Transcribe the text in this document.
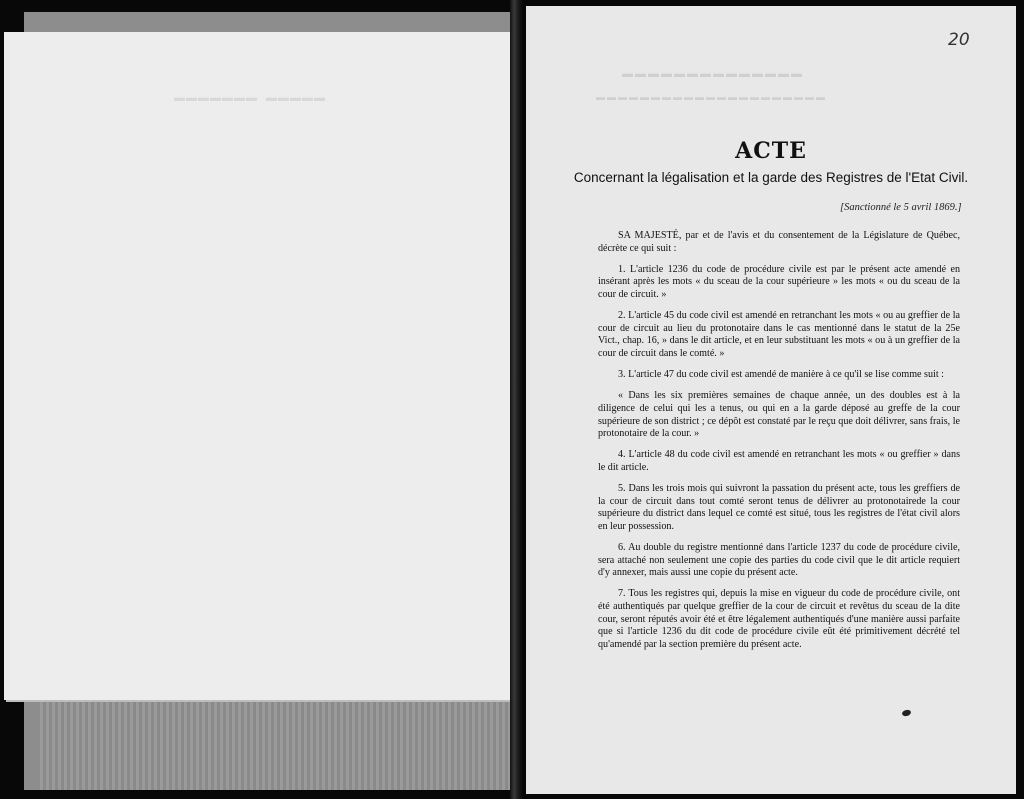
▬▬▬▬▬▬▬ ▬▬▬▬▬
▬▬▬▬▬▬▬▬▬▬▬▬▬▬
▬▬▬▬▬▬▬▬▬▬▬▬▬▬▬▬▬▬▬▬▬
20
ACTE
Concernant la légalisation et la garde des Registres de l'Etat Civil.
[Sanctionné le 5 avril 1869.]

SA MAJESTÉ, par et de l'avis et du consentement de la Législature de Québec, décrète ce qui suit :

1. L'article 1236 du code de procédure civile est par le présent acte amendé en insérant après les mots « du sceau de la cour supérieure » les mots « ou du sceau de la cour de circuit. »

2. L'article 45 du code civil est amendé en retranchant les mots « ou au greffier de la cour de circuit au lieu du protonotaire dans le cas mentionné dans le statut de la 25e Vict., chap. 16, » dans le dit article, et en leur substituant les mots « ou à un greffier de la cour de circuit dans le comté. »

3. L'article 47 du code civil est amendé de manière à ce qu'il se lise comme suit :

« Dans les six premières semaines de chaque année, un des doubles est à la diligence de celui qui les a tenus, ou qui en a la garde déposé au greffe de la cour supérieure de son district ; ce dépôt est constaté par le reçu que doit délivrer, sans frais, le protonotaire de la cour. »

4. L'article 48 du code civil est amendé en retranchant les mots « ou greffier » dans le dit article.

5. Dans les trois mois qui suivront la passation du présent acte, tous les greffiers de la cour de circuit dans tout comté seront tenus de délivrer au protonotairede la cour supérieure du district dans lequel ce comté est situé, tous les registres de l'état civil alors en leur possession.

6. Au double du registre mentionné dans l'article 1237 du code de procédure civile, sera attaché non seulement une copie des parties du code civil que le dit article requiert d'y annexer, mais aussi une copie du présent acte.

7. Tous les registres qui, depuis la mise en vigueur du code de procédure civile, ont été authentiqués par quelque greffier de la cour de circuit et revêtus du sceau de la dite cour, seront réputés avoir été et être légalement authentiqués d'une manière aussi parfaite que si l'article 1236 du dit code de procédure civile eût été primitivement décrété tel qu'amendé par la section première du présent acte.
